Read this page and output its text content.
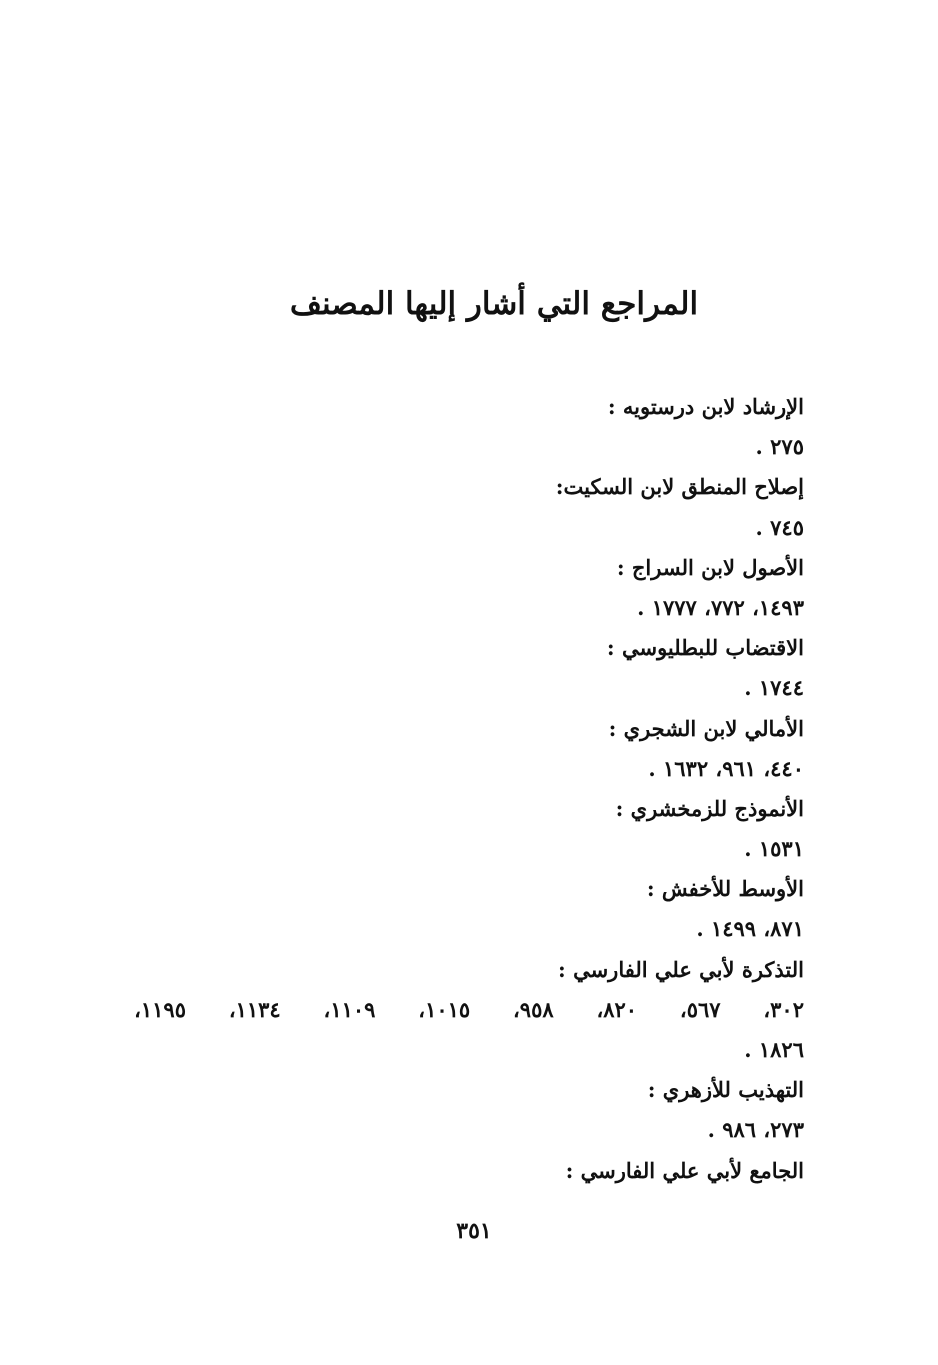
المراجع التي أشار إليها المصنف
الإرشاد لابن درستويه :
٢٧٥ .
إصلاح المنطق لابن السكيت:
٧٤٥ .
الأصول لابن السراج :
١٤٩٣، ٧٧٢، ١٧٧٧ .
الاقتضاب للبطليوسي :
١٧٤٤ .
الأمالي لابن الشجري :
٤٤٠، ٩٦١، ١٦٣٢ .
الأنموذج للزمخشري :
١٥٣١ .
الأوسط للأخفش :
٨٧١، ١٤٩٩ .
التذكرة لأبي علي الفارسي :
٣٠٢،
٥٦٧،
٨٢٠،
٩٥٨،
١٠١٥،
١١٠٩،
١١٣٤،
١١٩٥،
١٨٢٦ .
التهذيب للأزهري :
٢٧٣، ٩٨٦ .
الجامع لأبي علي الفارسي :
٣٥١
